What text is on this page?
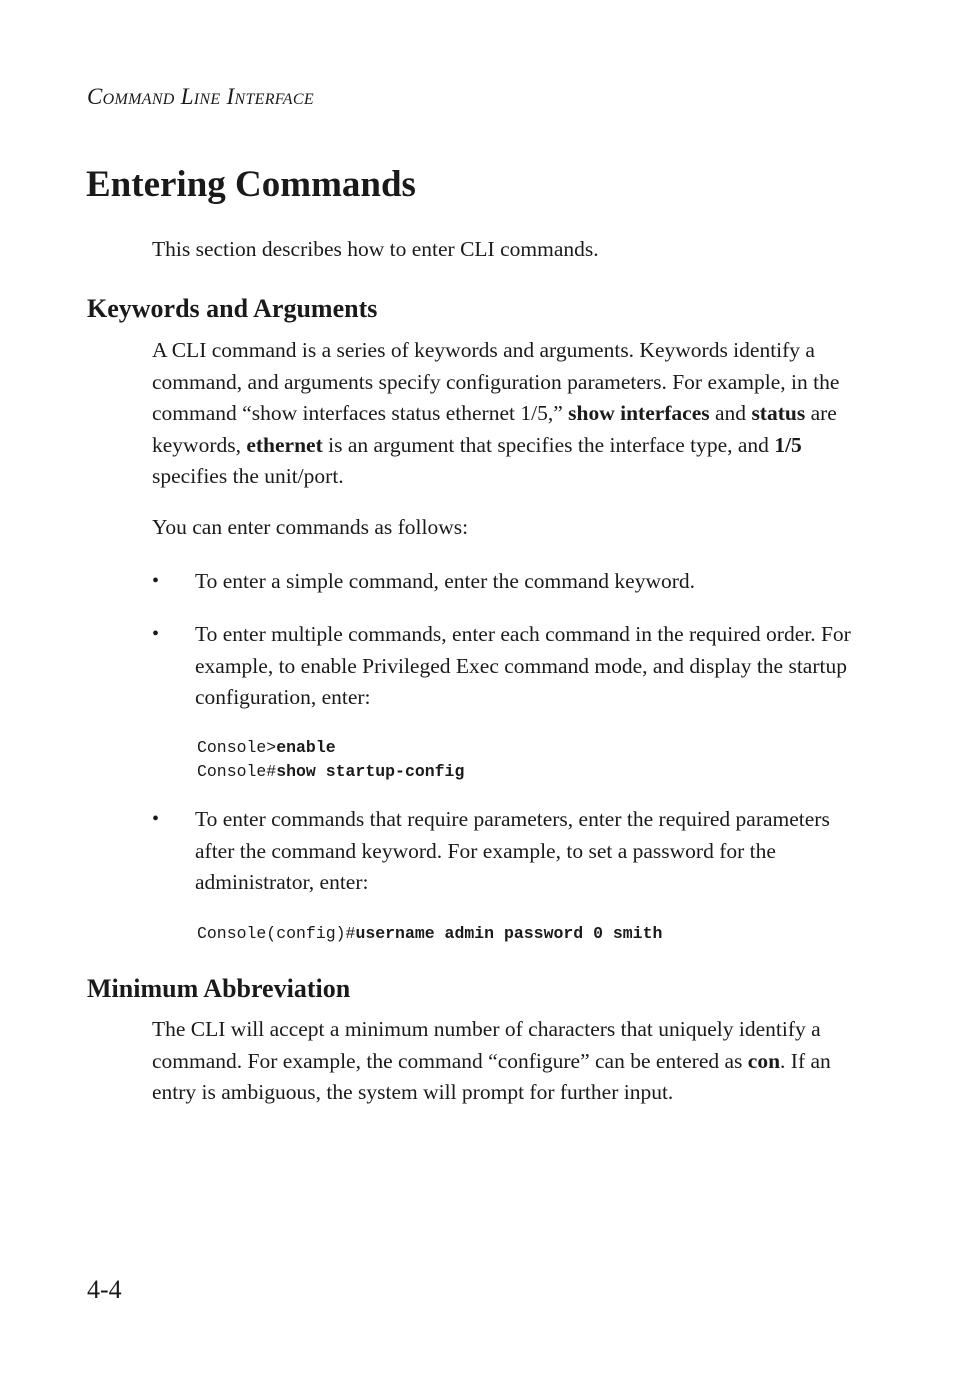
Command Line Interface
Entering Commands

This section describes how to enter CLI commands.

Keywords and Arguments

A CLI command is a series of keywords and arguments. Keywords identify a command, and arguments specify configuration parameters. For example, in the command “show interfaces status ethernet 1/5,” show interfaces and status are keywords, ethernet is an argument that specifies the interface type, and 1/5 specifies the unit/port.

You can enter commands as follows:

• To enter a simple command, enter the command keyword.

• To enter multiple commands, enter each command in the required order. For example, to enable Privileged Exec command mode, and display the startup configuration, enter:

Console>enable
Console#show startup-config
• To enter commands that require parameters, enter the required parameters after the command keyword. For example, to set a password for the administrator, enter:

Console(config)#username admin password 0 smith
Minimum Abbreviation

The CLI will accept a minimum number of characters that uniquely identify a command. For example, the command “configure” can be entered as con. If an entry is ambiguous, the system will prompt for further input.

4-4
